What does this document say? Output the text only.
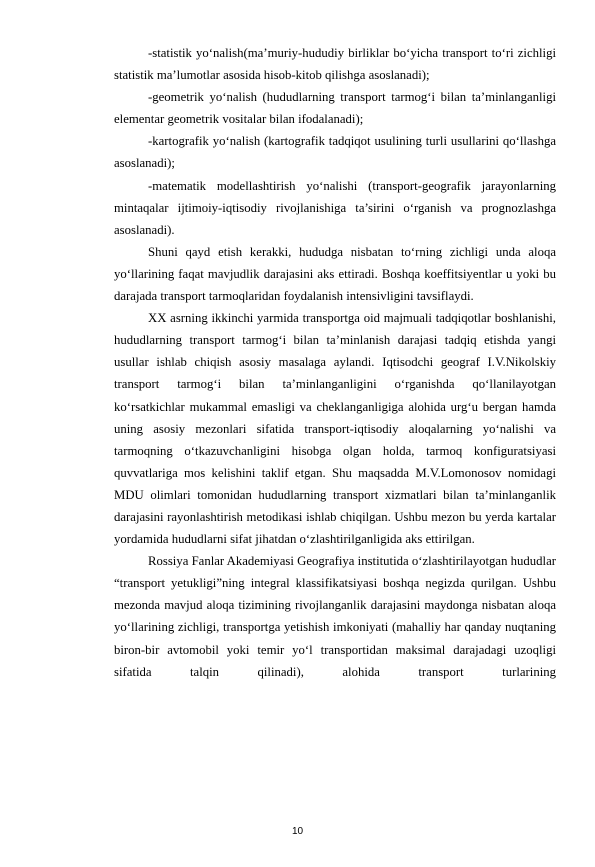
-statistik yo‘nalish(ma’muriy-hududiy birliklar bo‘yicha transport to‘ri zichligi statistik ma’lumotlar asosida hisob-kitob qilishga asoslanadi);

-geometrik yo‘nalish (hududlarning transport tarmog‘i bilan ta’minlanganligi elementar geometrik vositalar bilan ifodalanadi);

-kartografik yo‘nalish (kartografik tadqiqot usulining turli usullarini qo‘llashga asoslanadi);

-matematik modellashtirish yo‘nalishi (transport-geografik jarayonlarning mintaqalar ijtimoiy-iqtisodiy rivojlanishiga ta’sirini o‘rganish va prognozlashga asoslanadi).

Shuni qayd etish kerakki, hududga nisbatan to‘rning zichligi unda aloqa yo‘llarining faqat mavjudlik darajasini aks ettiradi. Boshqa koeffitsiyentlar u yoki bu darajada transport tarmoqlaridan foydalanish intensivligini tavsiflaydi.

XX asrning ikkinchi yarmida transportga oid majmuali tadqiqotlar boshlanishi, hududlarning transport tarmog‘i bilan ta’minlanish darajasi tadqiq etishda yangi usullar ishlab chiqish asosiy masalaga aylandi. Iqtisodchi geograf I.V.Nikolskiy transport tarmog‘i bilan ta’minlanganligini o‘rganishda qo‘llanilayotgan ko‘rsatkichlar mukammal emasligi va cheklanganligiga alohida urg‘u bergan hamda uning asosiy mezonlari sifatida transport-iqtisodiy aloqalarning yo‘nalishi va tarmoqning o‘tkazuvchanligini hisobga olgan holda, tarmoq konfiguratsiyasi quvvatlariga mos kelishini taklif etgan. Shu maqsadda M.V.Lomonosov nomidagi MDU olimlari tomonidan hududlarning transport xizmatlari bilan ta’minlanganlik darajasini rayonlashtirish metodikasi ishlab chiqilgan. Ushbu mezon bu yerda kartalar yordamida hududlarni sifat jihatdan o‘zlashtirilganligida aks ettirilgan.

Rossiya Fanlar Akademiyasi Geografiya institutida o‘zlashtirilayotgan hududlar “transport yetukligi”ning integral klassifikatsiyasi boshqa negizda qurilgan. Ushbu mezonda mavjud aloqa tizimining rivojlanganlik darajasini maydonga nisbatan aloqa yo‘llarining zichligi, transportga yetishish imkoniyati (mahalliy har qanday nuqtaning biron-bir avtomobil yoki temir yo‘l transportidan maksimal darajadagi uzoqligi sifatida talqin qilinadi), alohida transport turlarining

10
